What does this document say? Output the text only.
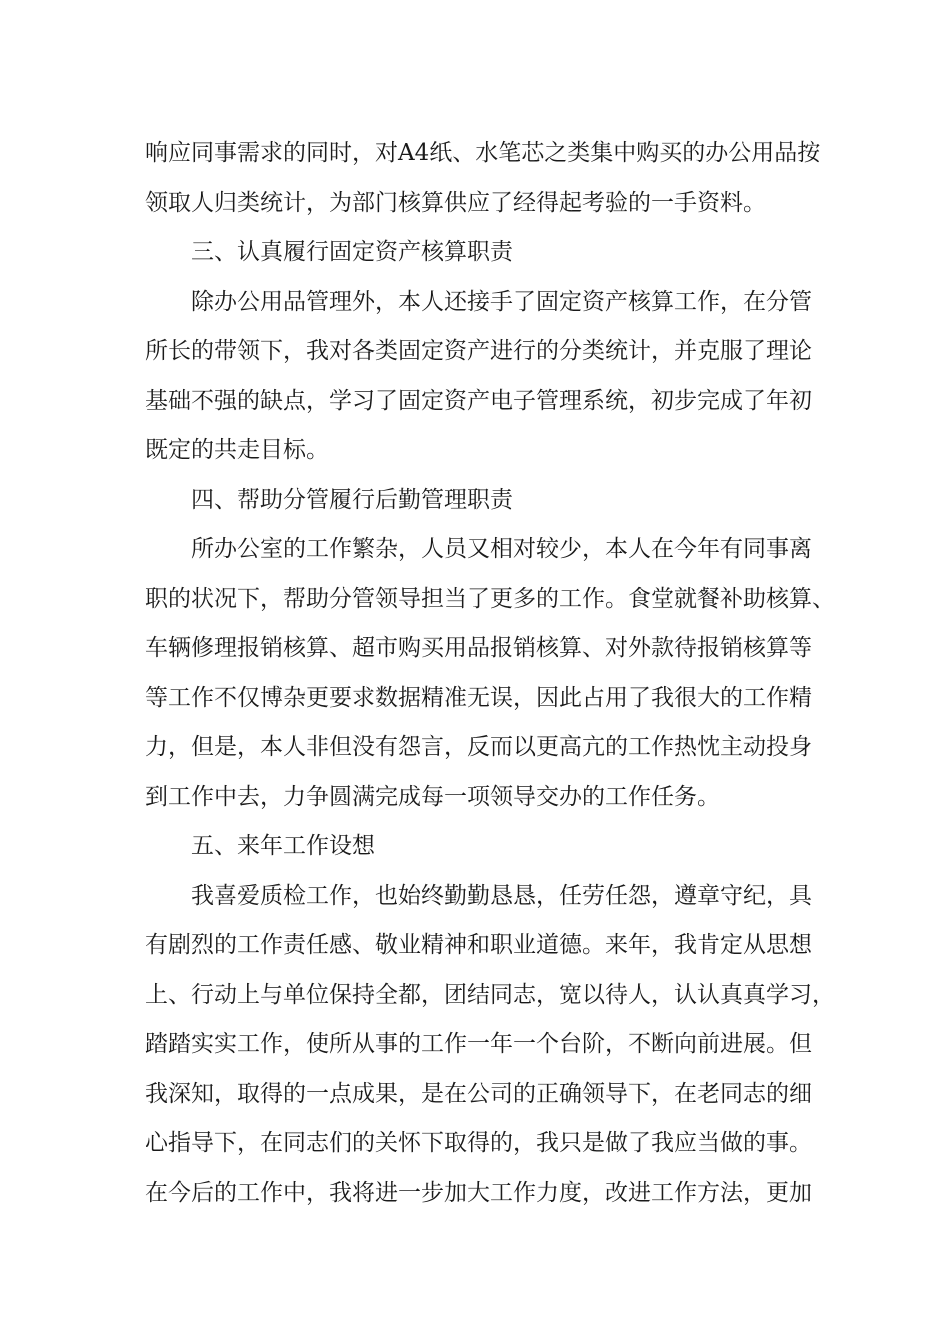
响应同事需求的同时，对A4纸、水笔芯之类集中购买的办公用品按
领取人归类统计，为部门核算供应了经得起考验的一手资料。
三、认真履行固定资产核算职责
除办公用品管理外，本人还接手了固定资产核算工作，在分管
所长的带领下，我对各类固定资产进行的分类统计，并克服了理论
基础不强的缺点，学习了固定资产电子管理系统，初步完成了年初
既定的共走目标。
四、帮助分管履行后勤管理职责
所办公室的工作繁杂，人员又相对较少，本人在今年有同事离
职的状况下，帮助分管领导担当了更多的工作。食堂就餐补助核算、
车辆修理报销核算、超市购买用品报销核算、对外款待报销核算等
等工作不仅博杂更要求数据精准无误，因此占用了我很大的工作精
力，但是，本人非但没有怨言，反而以更高亢的工作热忱主动投身
到工作中去，力争圆满完成每一项领导交办的工作任务。
五、来年工作设想
我喜爱质检工作，也始终勤勤恳恳，任劳任怨，遵章守纪，具
有剧烈的工作责任感、敬业精神和职业道德。来年，我肯定从思想
上、行动上与单位保持全都，团结同志，宽以待人，认认真真学习，
踏踏实实工作，使所从事的工作一年一个台阶，不断向前进展。但
我深知，取得的一点成果，是在公司的正确领导下，在老同志的细
心指导下，在同志们的关怀下取得的，我只是做了我应当做的事。
在今后的工作中，我将进一步加大工作力度，改进工作方法，更加
